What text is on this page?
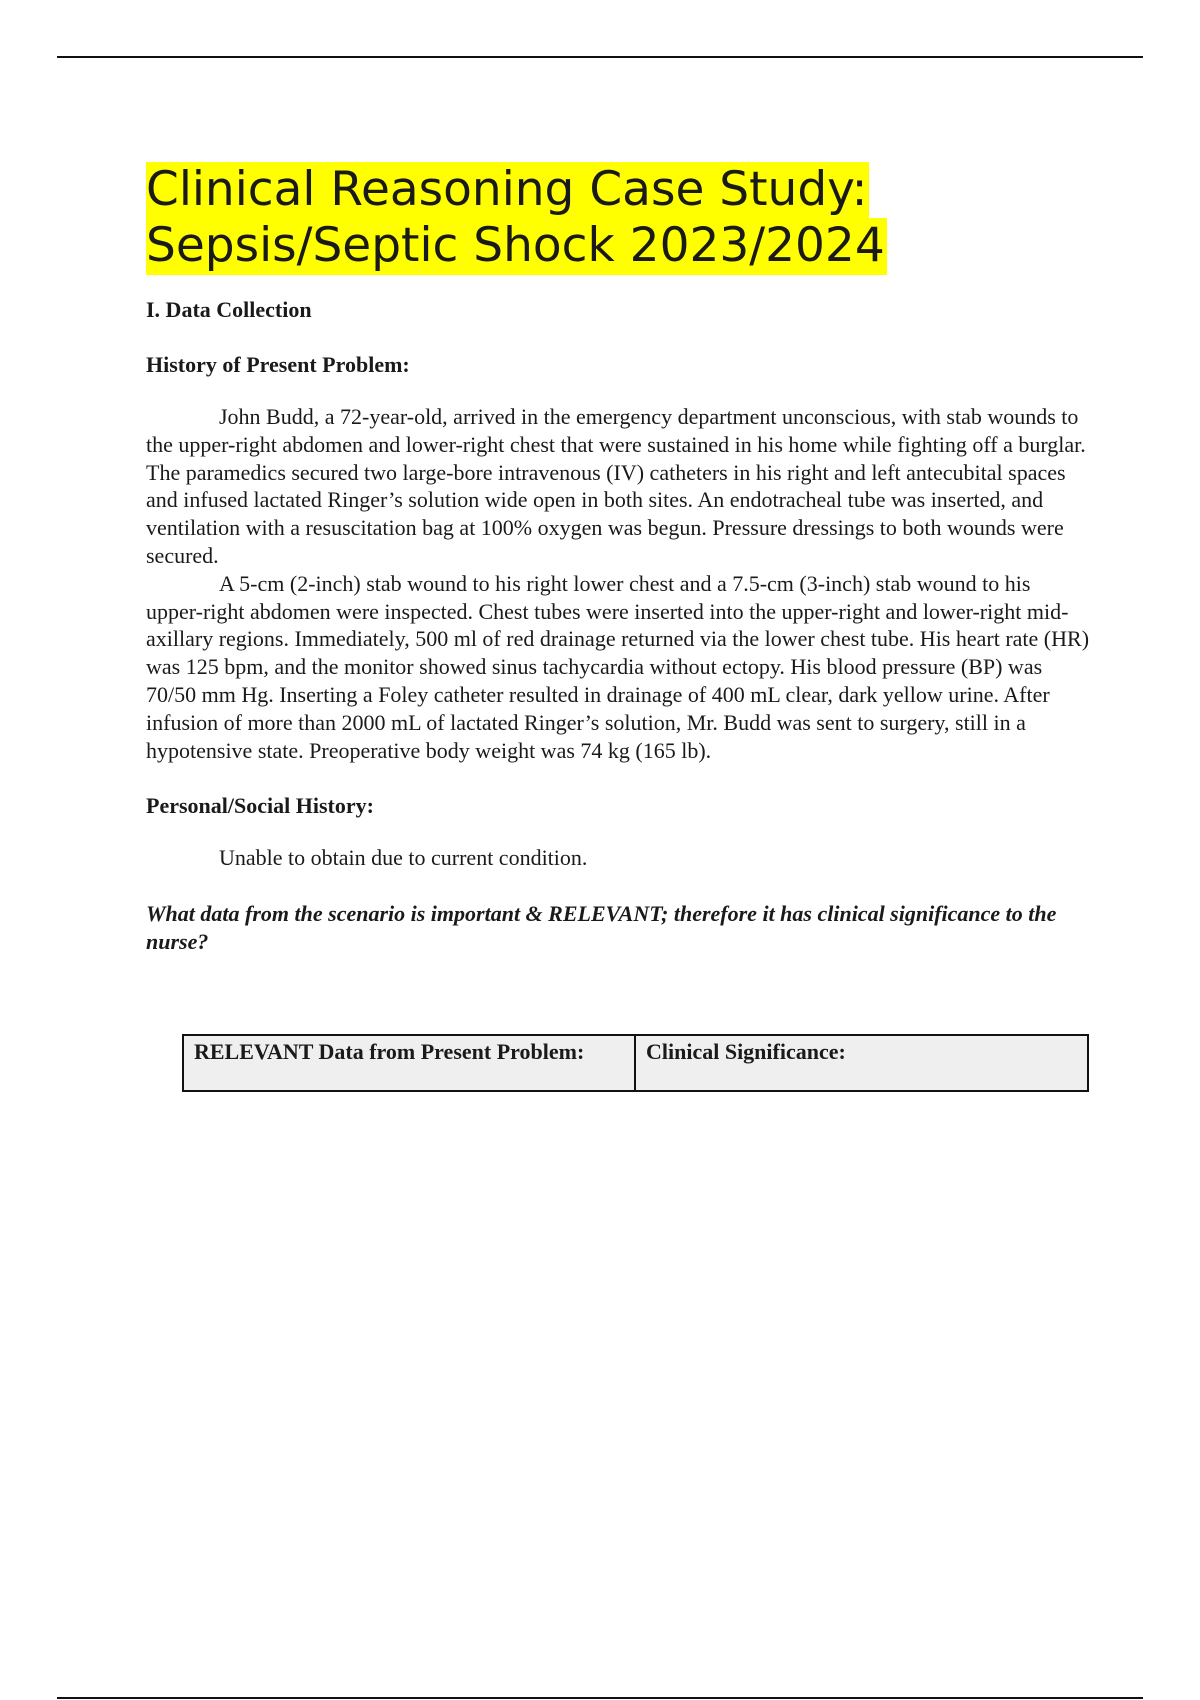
Clinical Reasoning Case Study:
Sepsis/Septic Shock 2023/2024
I. Data Collection
History of Present Problem:

John Budd, a 72-year-old, arrived in the emergency department unconscious, with stab wounds to the upper-right abdomen and lower-right chest that were sustained in his home while fighting off a burglar. The paramedics secured two large-bore intravenous (IV) catheters in his right and left antecubital spaces and infused lactated Ringer’s solution wide open in both sites. An endotracheal tube was inserted, and ventilation with a resuscitation bag at 100% oxygen was begun. Pressure dressings to both wounds were secured.

A 5-cm (2-inch) stab wound to his right lower chest and a 7.5-cm (3-inch) stab wound to his upper-right abdomen were inspected. Chest tubes were inserted into the upper-right and lower-right mid-axillary regions. Immediately, 500 ml of red drainage returned via the lower chest tube. His heart rate (HR) was 125 bpm, and the monitor showed sinus tachycardia without ectopy. His blood pressure (BP) was 70/50 mm Hg. Inserting a Foley catheter resulted in drainage of 400 mL clear, dark yellow urine. After infusion of more than 2000 mL of lactated Ringer’s solution, Mr. Budd was sent to surgery, still in a hypotensive state. Preoperative body weight was 74 kg (165 lb).

Personal/Social History:
Unable to obtain due to current condition.
What data from the scenario is important & RELEVANT; therefore it has clinical significance to the nurse?
RELEVANT Data from Present Problem:	Clinical Significance:
